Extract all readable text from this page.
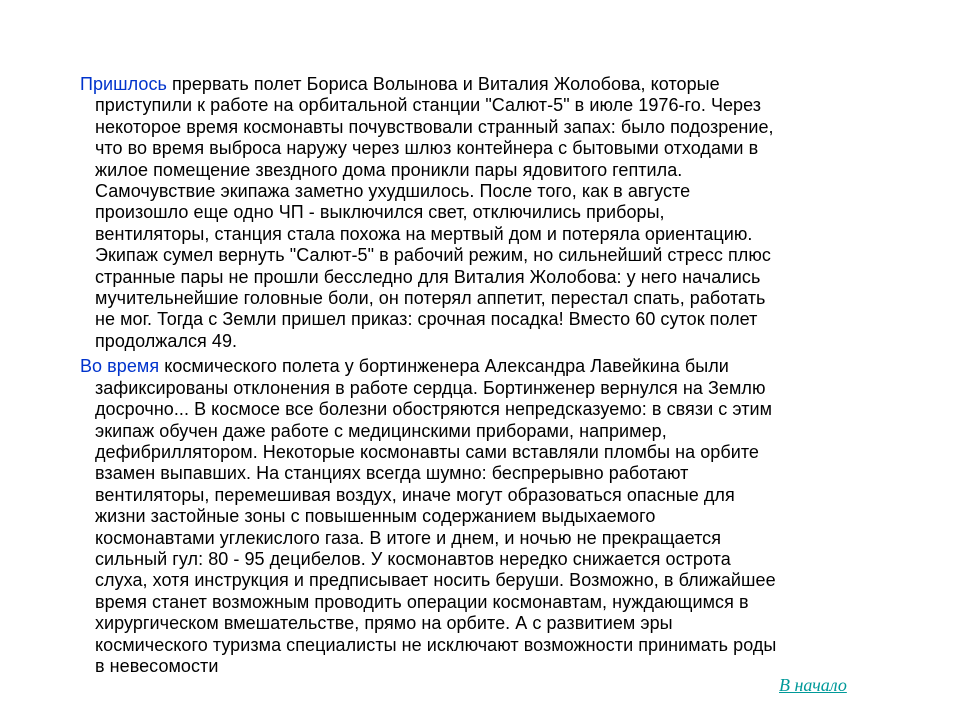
Пришлось прервать полет Бориса Волынова и Виталия Жолобова, которые
приступили к работе на орбитальной станции "Салют-5" в июле 1976-го. Через
некоторое время космонавты почувствовали странный запах: было подозрение,
что во время выброса наружу через шлюз контейнера с бытовыми отходами в
жилое помещение звездного дома проникли пары ядовитого гептила.
Самочувствие экипажа заметно ухудшилось. После того, как в августе
произошло еще одно ЧП - выключился свет, отключились приборы,
вентиляторы, станция стала похожа на мертвый дом и потеряла ориентацию.
Экипаж сумел вернуть "Салют-5" в рабочий режим, но сильнейший стресс плюс
странные пары не прошли бесследно для Виталия Жолобова: у него начались
мучительнейшие головные боли, он потерял аппетит, перестал спать, работать
не мог. Тогда с Земли пришел приказ: срочная посадка! Вместо 60 суток полет
продолжался 49.

Во время космического полета у бортинженера Александра Лавейкина были
зафиксированы отклонения в работе сердца. Бортинженер вернулся на Землю
досрочно... В космосе все болезни обостряются непредсказуемо: в связи с этим
экипаж обучен даже работе с медицинскими приборами, например,
дефибриллятором. Некоторые космонавты сами вставляли пломбы на орбите
взамен выпавших. На станциях всегда шумно: беспрерывно работают
вентиляторы, перемешивая воздух, иначе могут образоваться опасные для
жизни застойные зоны с повышенным содержанием выдыхаемого
космонавтами углекислого газа. В итоге и днем, и ночью не прекращается
сильный гул: 80 - 95 децибелов. У космонавтов нередко снижается острота
слуха, хотя инструкция и предписывает носить беруши. Возможно, в ближайшее
время станет возможным проводить операции космонавтам, нуждающимся в
хирургическом вмешательстве, прямо на орбите. А с развитием эры
космического туризма специалисты не исключают возможности принимать роды
в невесомости

В начало
